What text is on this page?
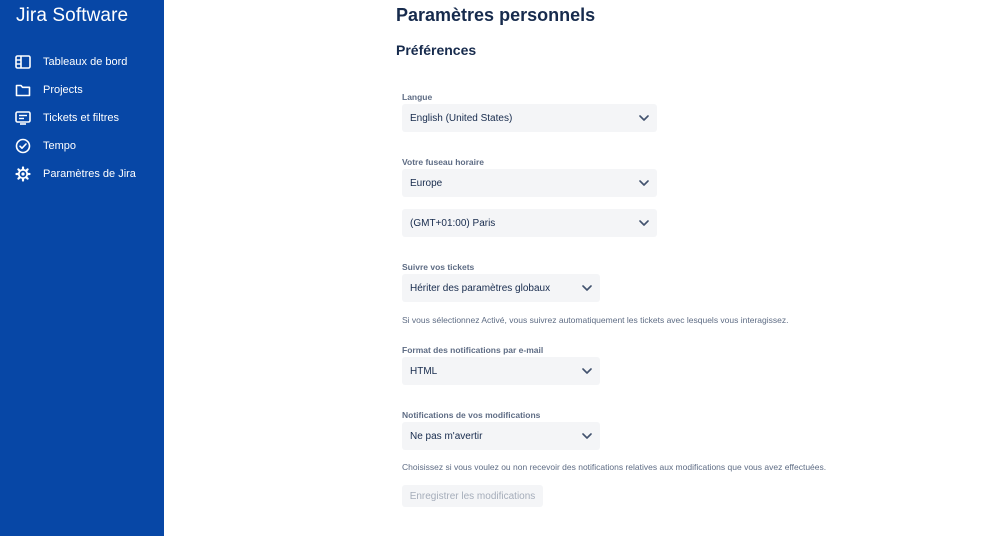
Jira Software
Tableaux de bord
Projects
Tickets et filtres
Tempo
Paramètres de Jira
Paramètres personnels
Préférences
Langue
English (United States)
Votre fuseau horaire
Europe
(GMT+01:00) Paris
Suivre vos tickets
Hériter des paramètres globaux
Si vous sélectionnez Activé, vous suivrez automatiquement les tickets avec lesquels vous interagissez.
Format des notifications par e-mail
HTML
Notifications de vos modifications
Ne pas m'avertir
Choisissez si vous voulez ou non recevoir des notifications relatives aux modifications que vous avez effectuées.
Enregistrer les modifications
